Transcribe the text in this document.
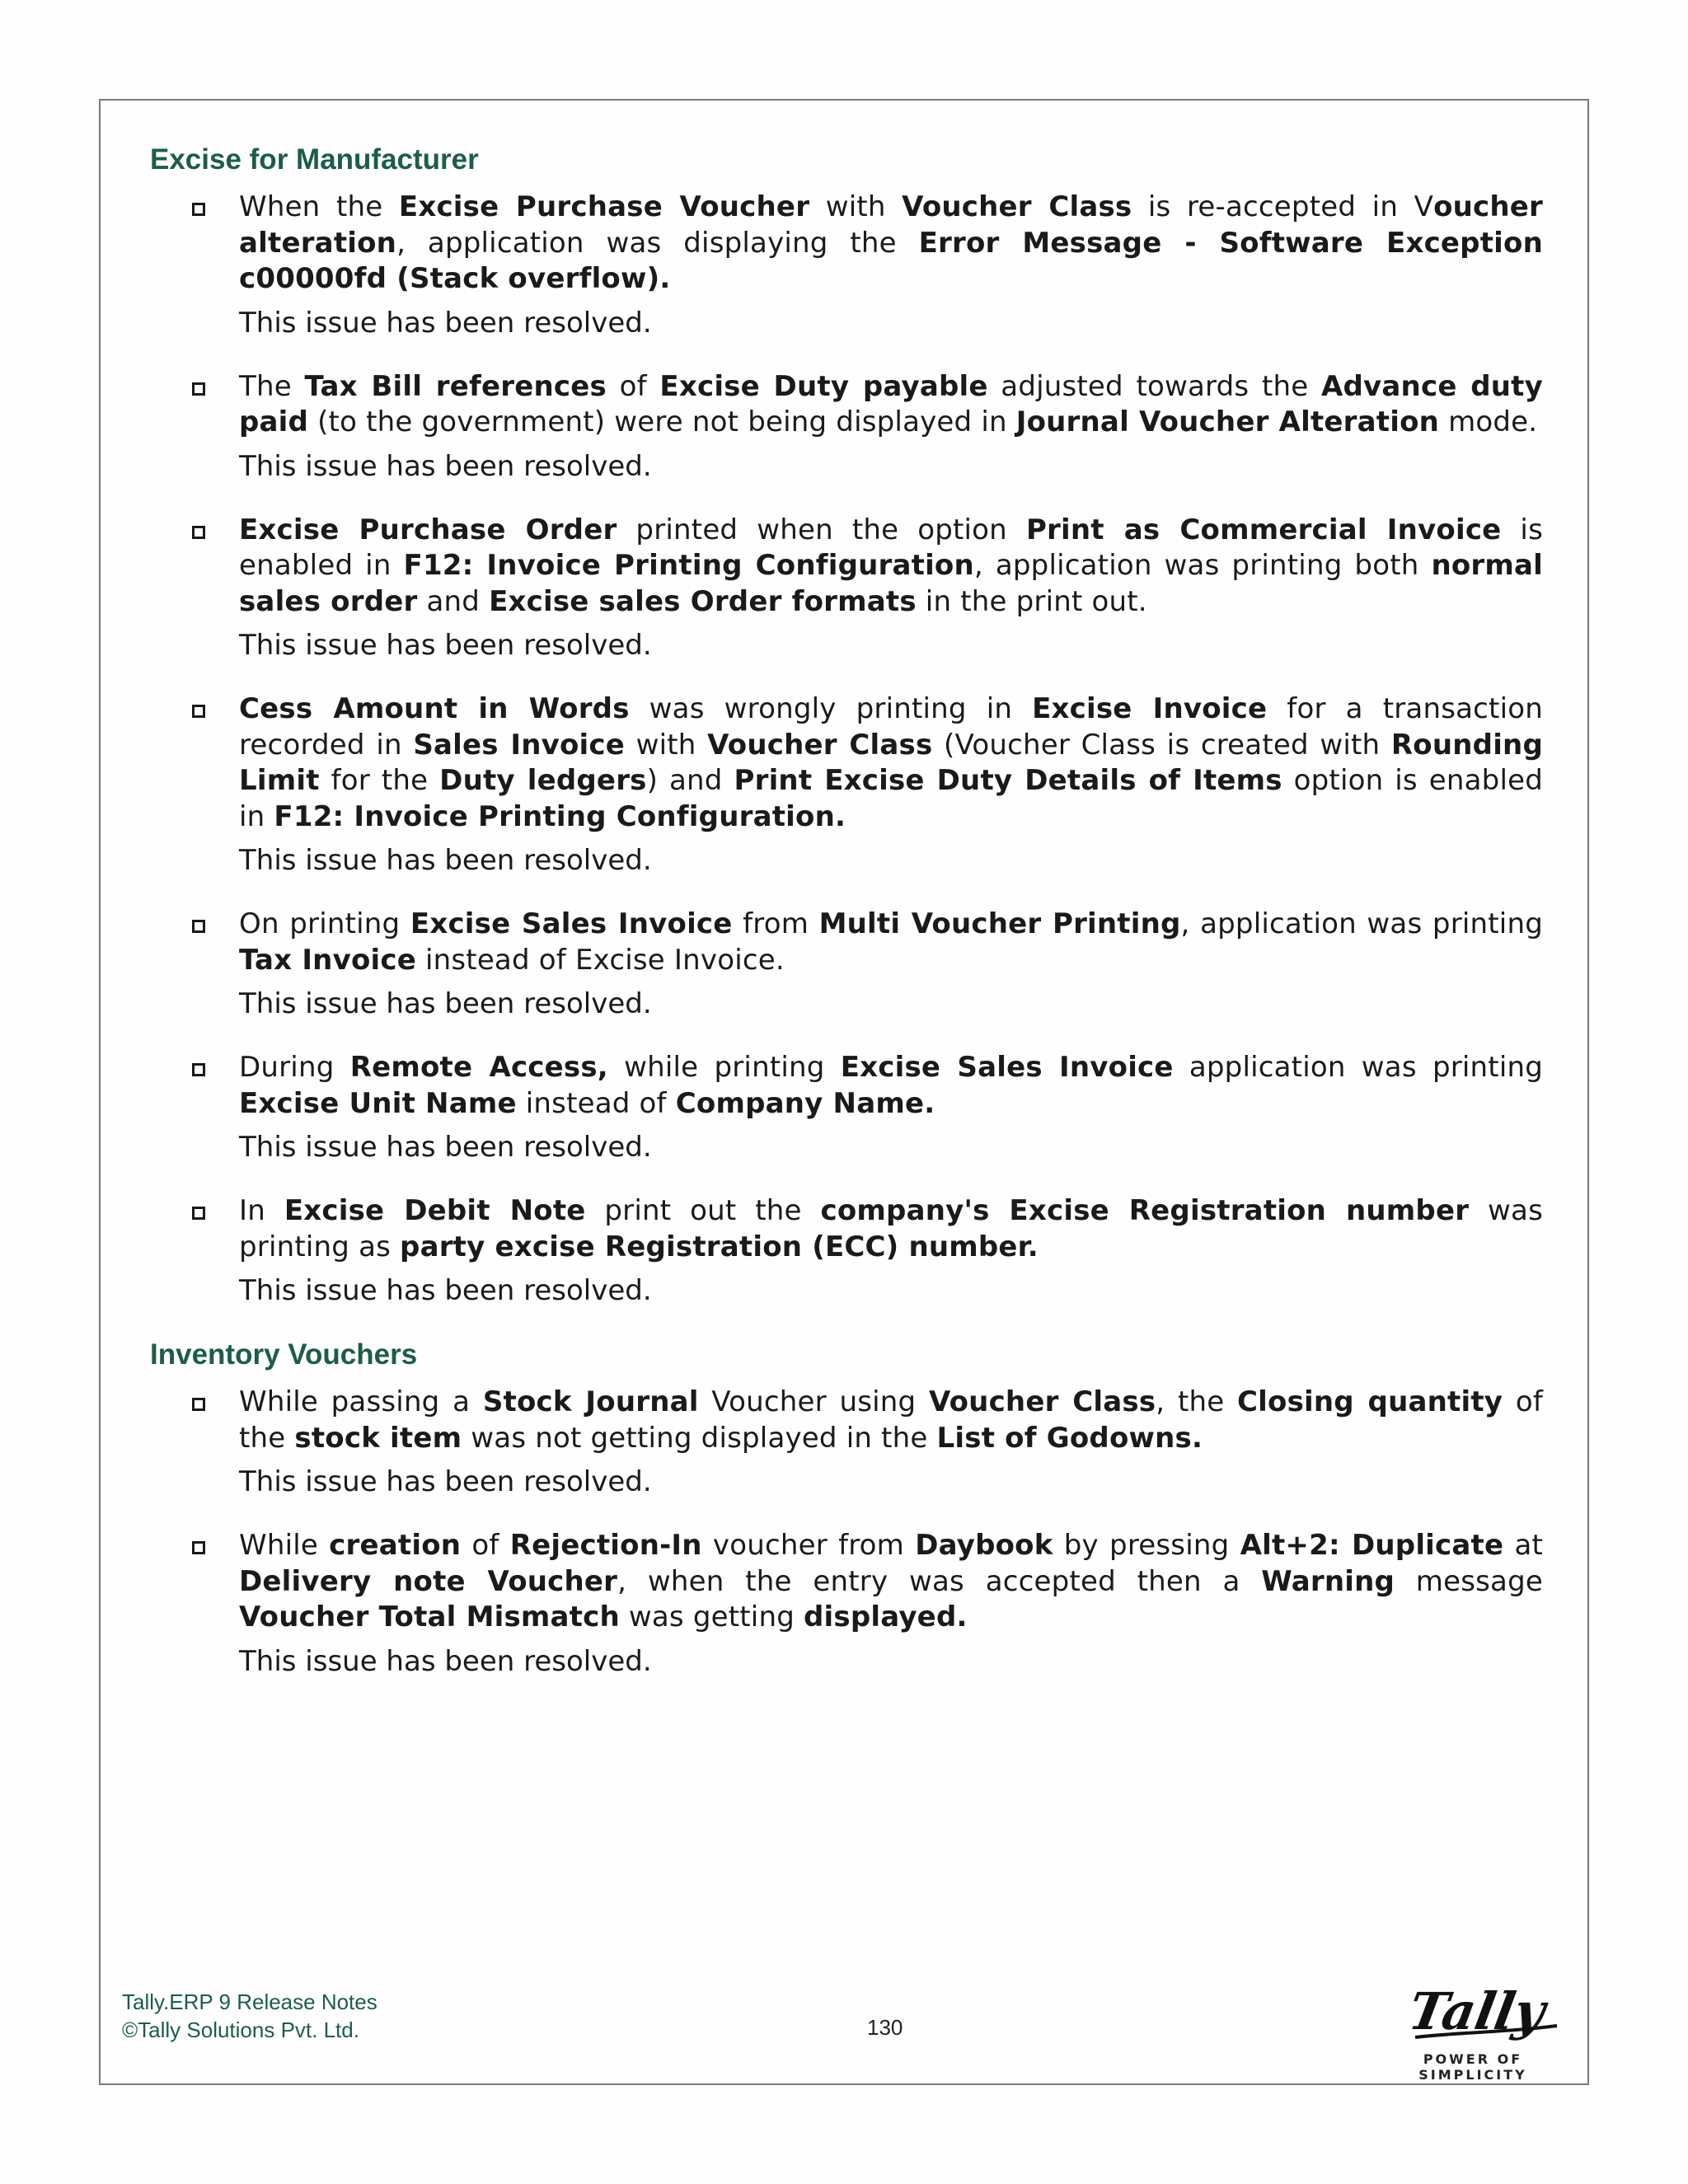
Excise for Manufacturer

When the Excise Purchase Voucher with Voucher Class is re-accepted in Voucher alteration, application was displaying the Error Message - Software Exception c00000fd (Stack overflow).

This issue has been resolved.

The Tax Bill references of Excise Duty payable adjusted towards the Advance duty paid (to the government) were not being displayed in Journal Voucher Alteration mode.

This issue has been resolved.

Excise Purchase Order printed when the option Print as Commercial Invoice is enabled in F12: Invoice Printing Configuration, application was printing both normal sales order and Excise sales Order formats in the print out.

This issue has been resolved.

Cess Amount in Words was wrongly printing in Excise Invoice for a transaction recorded in Sales Invoice with Voucher Class (Voucher Class is created with Rounding Limit for the Duty ledgers) and Print Excise Duty Details of Items option is enabled in F12: Invoice Printing Configuration.

This issue has been resolved.

On printing Excise Sales Invoice from Multi Voucher Printing, application was printing Tax Invoice instead of Excise Invoice.

This issue has been resolved.

During Remote Access, while printing Excise Sales Invoice application was printing Excise Unit Name instead of Company Name.

This issue has been resolved.

In Excise Debit Note print out the company's Excise Registration number was printing as party excise Registration (ECC) number.

This issue has been resolved.

Inventory Vouchers

While passing a Stock Journal Voucher using Voucher Class, the Closing quantity of the stock item was not getting displayed in the List of Godowns.

This issue has been resolved.

While creation of Rejection-In voucher from Daybook by pressing Alt+2: Duplicate at Delivery note Voucher, when the entry was accepted then a Warning message Voucher Total Mismatch was getting displayed.

This issue has been resolved.

Tally.ERP 9 Release Notes
©Tally Solutions Pvt. Ltd.	130	Tally
POWER OF SIMPLICITY
